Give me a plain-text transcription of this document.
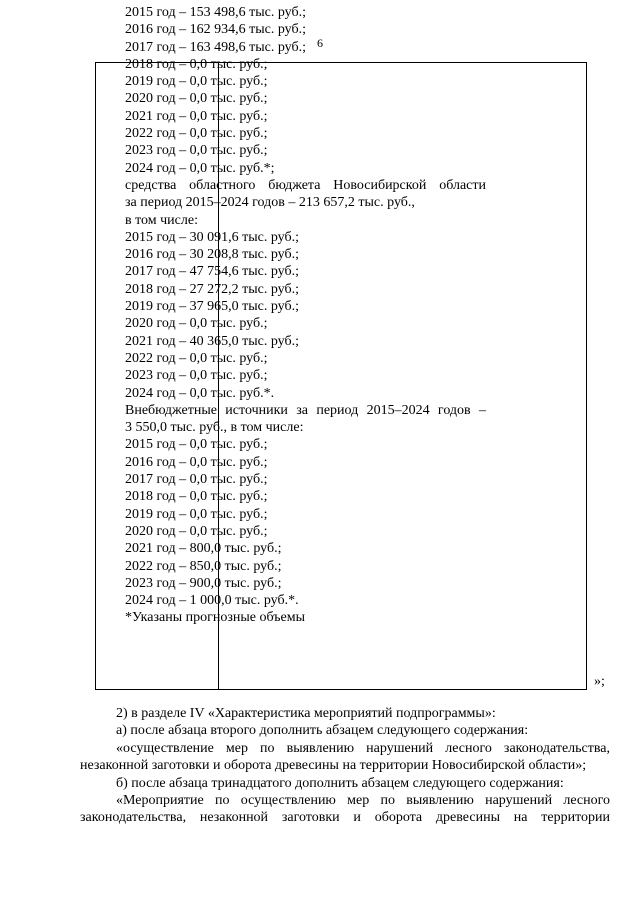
6
2015 год – 153 498,6 тыс. руб.;
2016 год – 162 934,6 тыс. руб.;
2017 год – 163 498,6 тыс. руб.;
2018 год – 0,0 тыс. руб.;
2019 год – 0,0 тыс. руб.;
2020 год – 0,0 тыс. руб.;
2021 год – 0,0 тыс. руб.;
2022 год – 0,0 тыс. руб.;
2023 год – 0,0 тыс. руб.;
2024 год – 0,0 тыс. руб.*;
средства областного бюджета Новосибирской области
за период 2015–2024 годов – 213 657,2 тыс. руб.,
в том числе:
2015 год – 30 091,6 тыс. руб.;
2016 год – 30 208,8 тыс. руб.;
2017 год – 47 754,6 тыс. руб.;
2018 год – 27 272,2 тыс. руб.;
2019 год – 37 965,0 тыс. руб.;
2020 год – 0,0 тыс. руб.;
2021 год – 40 365,0 тыс. руб.;
2022 год – 0,0 тыс. руб.;
2023 год – 0,0 тыс. руб.;
2024 год – 0,0 тыс. руб.*.
Внебюджетные источники за период 2015–2024 годов –
3 550,0 тыс. руб., в том числе:
2015 год – 0,0 тыс. руб.;
2016 год – 0,0 тыс. руб.;
2017 год – 0,0 тыс. руб.;
2018 год – 0,0 тыс. руб.;
2019 год – 0,0 тыс. руб.;
2020 год – 0,0 тыс. руб.;
2021 год – 800,0 тыс. руб.;
2022 год – 850,0 тыс. руб.;
2023 год – 900,0 тыс. руб.;
2024 год – 1 000,0 тыс. руб.*.
*Указаны прогнозные объемы
»;

2) в разделе IV «Характеристика мероприятий подпрограммы»:

а) после абзаца второго дополнить абзацем следующего содержания:

«осуществление мер по выявлению нарушений лесного законодательства, незаконной заготовки и оборота древесины на территории Новосибирской области»;

б) после абзаца тринадцатого дополнить абзацем следующего содержания:

«Мероприятие по осуществлению мер по выявлению нарушений лесного законодательства, незаконной заготовки и оборота древесины на территории
